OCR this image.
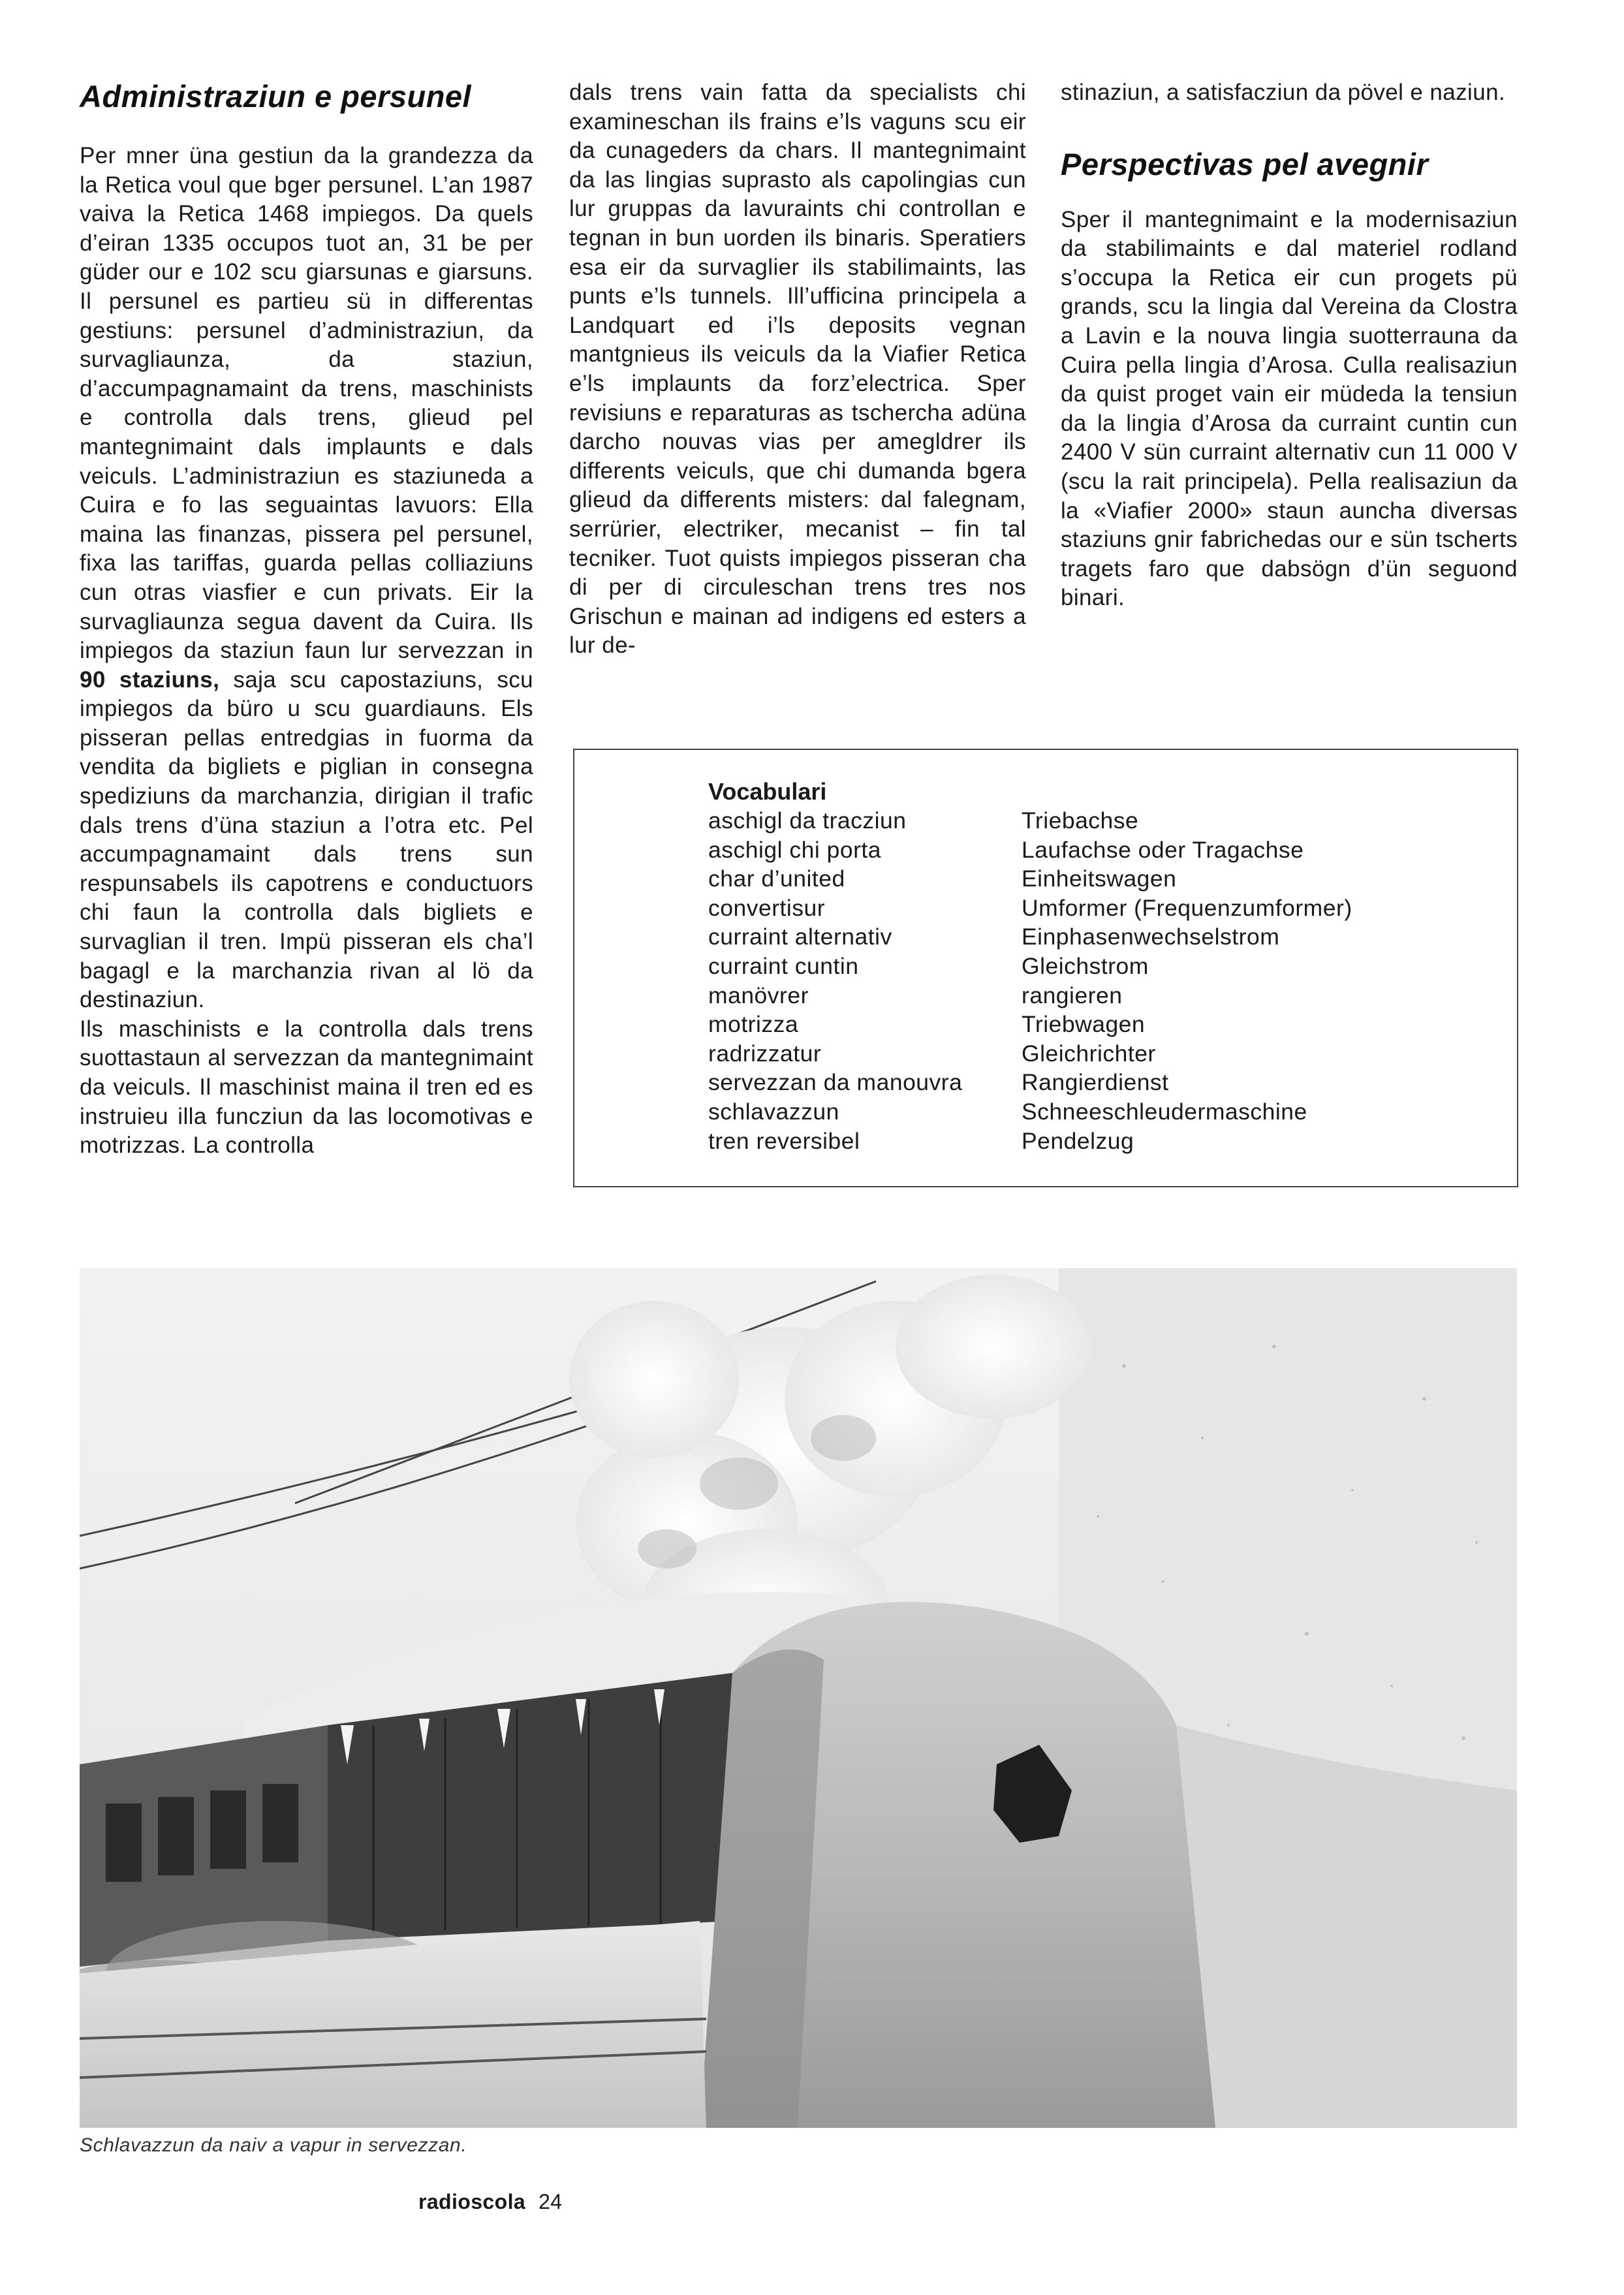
Administraziun e persunel

Per mner üna gestiun da la grandezza da la Retica voul que bger persunel. L’an 1987 vaiva la Retica 1468 impiegos. Da quels d’eiran 1335 occupos tuot an, 31 be per güder our e 102 scu giarsunas e giarsuns. Il persunel es partieu sü in differentas gestiuns: persunel d’administraziun, da survagliaunza, da staziun, d’accumpagnamaint da trens, maschinists e controlla dals trens, glieud pel mantegnimaint dals implaunts e dals veiculs. L’administraziun es staziuneda a Cuira e fo las seguaintas lavuors: Ella maina las finanzas, pissera pel persunel, fixa las tariffas, guarda pellas colliaziuns cun otras viasfier e cun privats. Eir la survagliaunza segua davent da Cuira. Ils impiegos da staziun faun lur servezzan in 90 staziuns, saja scu capostaziuns, scu impiegos da büro u scu guardiauns. Els pisseran pellas entredgias in fuorma da vendita da bigliets e piglian in consegna spediziuns da marchanzia, dirigian il trafic dals trens d’üna staziun a l’otra etc. Pel accumpagnamaint dals trens sun respunsabels ils capotrens e conductuors chi faun la controlla dals bigliets e survaglian il tren. Impü pisseran els cha’l bagagl e la marchanzia rivan al lö da destinaziun.

Ils maschinists e la controlla dals trens suottastaun al servezzan da mantegnimaint da veiculs. Il maschinist maina il tren ed es instruieu illa funcziun da las locomotivas e motrizzas. La controlla

dals trens vain fatta da specialists chi examineschan ils frains e’ls vaguns scu eir da cunageders da chars. Il mantegnimaint da las lingias suprasto als capolingias cun lur gruppas da lavuraints chi controllan e tegnan in bun uorden ils binaris. Speratiers esa eir da survaglier ils stabilimaints, las punts e’ls tunnels. Ill’ufficina principela a Landquart ed i’ls deposits vegnan mantgnieus ils veiculs da la Viafier Retica e’ls implaunts da forz’electrica. Sper revisiuns e reparaturas as tschercha adüna darcho nouvas vias per amegldrer ils differents veiculs, que chi dumanda bgera glieud da differents misters: dal falegnam, serrürier, electriker, mecanist – fin tal tecniker. Tuot quists impiegos pisseran cha di per di circuleschan trens tres nos Grischun e mainan ad indigens ed esters a lur de-

stinaziun, a satisfacziun da pövel e naziun.

Perspectivas pel avegnir

Sper il mantegnimaint e la modernisaziun da stabilimaints e dal materiel rodland s’occupa la Retica eir cun progets pü grands, scu la lingia dal Vereina da Clostra a Lavin e la nouva lingia suotterrauna da Cuira pella lingia d’Arosa. Culla realisaziun da quist proget vain eir müdeda la tensiun da la lingia d’Arosa da curraint cuntin cun 2400 V sün curraint alternativ cun 11 000 V (scu la rait principela). Pella realisaziun da la «Viafier 2000» staun auncha diversas staziuns gnir fabrichedas our e sün tscherts tragets faro que dabsögn d’ün seguond binari.

Vocabulari
aschigl da tracziun
aschigl chi porta
char d’united
convertisur
curraint alternativ
curraint cuntin
manövrer
motrizza
radrizzatur
servezzan da manouvra
schlavazzun
tren reversibel
Triebachse
Laufachse oder Tragachse
Einheitswagen
Umformer (Frequenzumformer)
Einphasenwechselstrom
Gleichstrom
rangieren
Triebwagen
Gleichrichter
Rangierdienst
Schneeschleudermaschine
Pendelzug
Schlavazzun da naiv a vapur in servezzan.
radioscola 24
